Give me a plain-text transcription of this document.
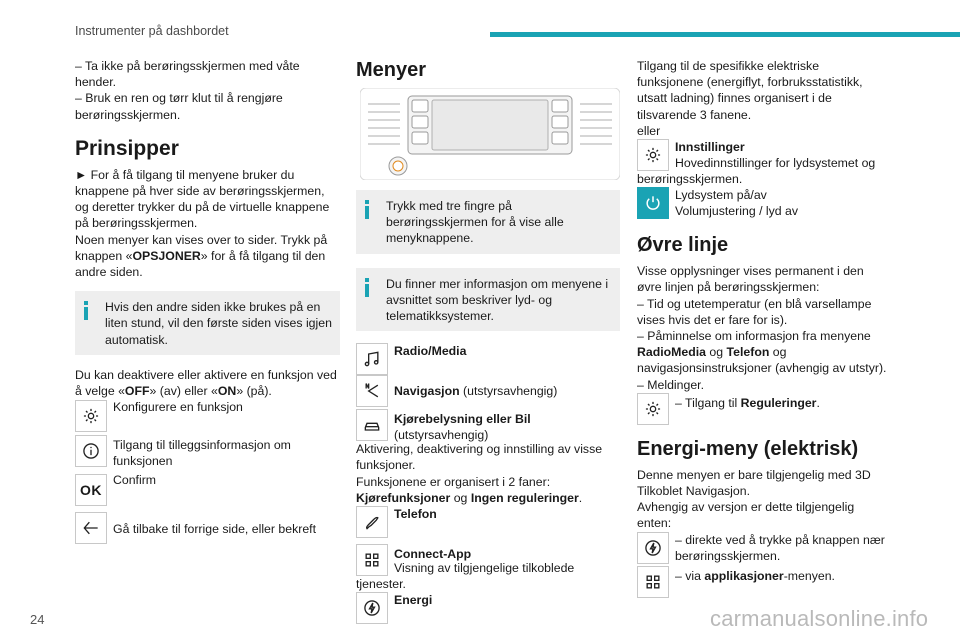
Instrumenter på dashbordet

– Ta ikke på berøringsskjermen med våte hender.

– Bruk en ren og tørr klut til å rengjøre berøringsskjermen.

Prinsipper

► For å få tilgang til menyene bruker du knappene på hver side av berøringsskjermen, og deretter trykker du på de virtuelle knappene på berøringsskjermen.

Noen menyer kan vises over to sider. Trykk på knappen «OPSJONER» for å få tilgang til den andre siden.

Hvis den andre siden ikke brukes på en liten stund, vil den første siden vises igjen automatisk.

Du kan deaktivere eller aktivere en funksjon ved å velge «OFF» (av) eller «ON» (på).

Konfigurere en funksjon
Tilgang til tilleggsinformasjon om funksjonen
OK
Confirm
Gå tilbake til forrige side, eller bekreft
Menyer

Trykk med tre fingre på berøringsskjermen for å vise alle menyknappene.

Du finner mer informasjon om menyene i avsnittet som beskriver lyd- og telematikksystemer.

Radio/Media
Navigasjon (utstyrsavhengig)
Kjørebelysning eller Bil
(utstyrsavhengig)

Aktivering, deaktivering og innstilling av visse funksjoner.

Funksjonene er organisert i 2 faner: Kjørefunksjoner og Ingen reguleringer.

Telefon
Connect-App

Visning av tilgjengelige tilkoblede

tjenester.

Energi

Tilgang til de spesifikke elektriske funksjonene (energiflyt, forbruksstatistikk, utsatt ladning) finnes organisert i de tilsvarende 3 fanene.

eller

Innstillinger
Hovedinnstillinger for lydsystemet og

berøringsskjermen.

Lydsystem på/av
Volumjustering / lyd av
Øvre linje

Visse opplysninger vises permanent i den øvre linjen på berøringsskjermen:

– Tid og utetemperatur (en blå varsellampe vises hvis det er fare for is).

– Påminnelse om informasjon fra menyene RadioMedia og Telefon og navigasjonsinstruksjoner (avhengig av utstyr).

– Meldinger.

– Tilgang til Reguleringer.
Energi-meny (elektrisk)

Denne menyen er bare tilgjengelig med 3D Tilkoblet Navigasjon.

Avhengig av versjon er dette tilgjengelig enten:

– direkte ved å trykke på knappen nær berøringsskjermen.
– via applikasjoner-menyen.
24	carmanualsonline.info
